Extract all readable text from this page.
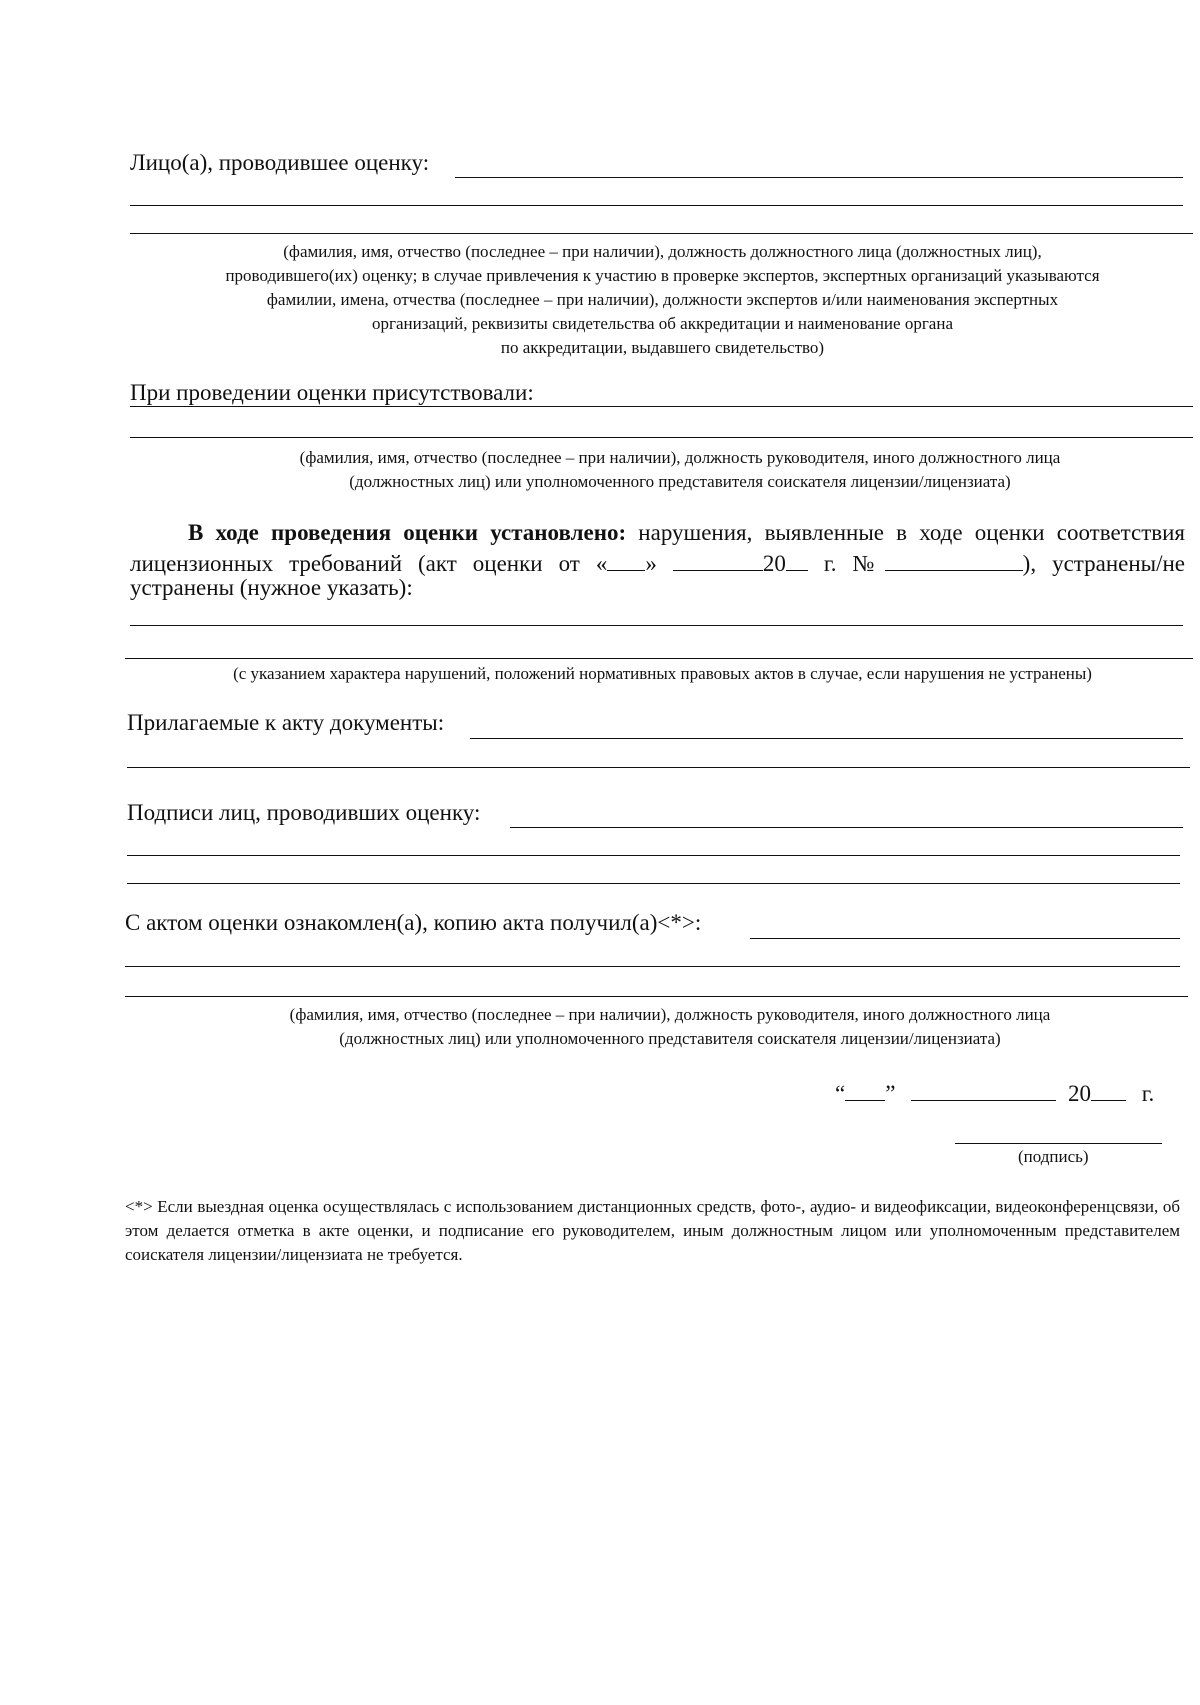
Лицо(а), проводившее оценку:
(фамилия, имя, отчество (последнее – при наличии), должность должностного лица (должностных лиц),
проводившего(их) оценку; в случае привлечения к участию в проверке экспертов, экспертных организаций указываются
фамилии, имена, отчества (последнее – при наличии), должности экспертов и/или наименования экспертных
организаций, реквизиты свидетельства об аккредитации и наименование органа
по аккредитации, выдавшего свидетельство)
При проведении оценки присутствовали:
(фамилия, имя, отчество (последнее – при наличии), должность руководителя, иного должностного лица
(должностных лиц) или уполномоченного представителя соискателя лицензии/лицензиата)
В ходе проведения оценки установлено: нарушения, выявленные в ходе оценки соответствия
лицензионных требований (акт оценки от « »	20 г. №	), устранены/не
устранены (нужное указать):
(с указанием характера нарушений, положений нормативных правовых актов в случае, если нарушения не устранены)
Прилагаемые к акту документы:
Подписи лиц, проводивших оценку:
С актом оценки ознакомлен(а), копию акта получил(а)<*>:
(фамилия, имя, отчество (последнее – при наличии), должность руководителя, иного должностного лица
(должностных лиц) или уполномоченного представителя соискателя лицензии/лицензиата)
“ ”	20 г.
(подпись)
<*> Если выездная оценка осуществлялась с использованием дистанционных средств, фото-, аудио- и видеофиксации, видеоконференцсвязи, об этом делается отметка в акте оценки, и подписание его руководителем, иным должностным лицом или уполномоченным представителем соискателя лицензии/лицензиата не требуется.
